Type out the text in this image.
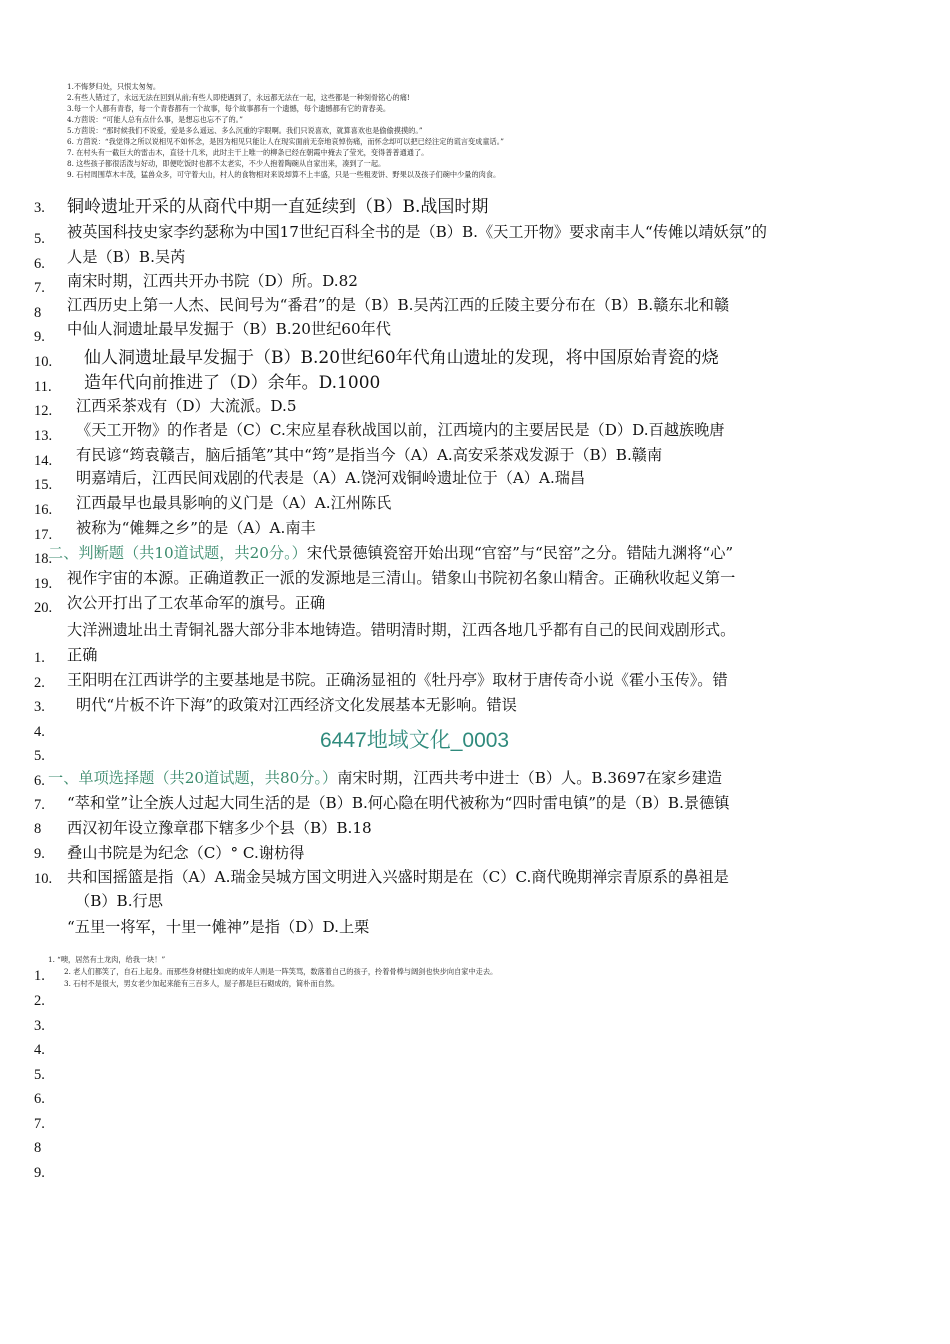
1.不悔梦归处，只恨太匆匆。
2.有些人错过了，永远无法在回到从前;有些人即使遇到了，永远都无法在一起，这些都是一种刻骨铭心的痛!
3.每一个人都有青春，每一个青春都有一个故事，每个故事都有一个遗憾，每个遗憾都有它的青春美。
4.方茴说：“可能人总有点什么事，是想忘也忘不了的。”
5.方茴说：“那时候我们不说爱，爱是多么遥远、多么沉重的字眼啊。我们只说喜欢，就算喜欢也是偷偷摸摸的。”
6. 方茴说：“我觉得之所以说相见不如怀念，是因为相见只能让人在现实面前无奈地哀悼伤痛，而怀念却可以把已经注定的谎言变成童话。”
7. 在村头有一截巨大的雷击木，直径十几米，此时主干上唯一的柳条已经在朝霞中掩去了莹光，变得普普通通了。
8. 这些孩子都很活泼与好动，即便吃饭时也都不太老实，不少人抱着陶碗从自家出来，凑到了一起。
9. 石村周围草木丰茂，猛兽众多，可守着大山，村人的食物相对来说却算不上丰盛，只是一些粗麦饼、野果以及孩子们碗中少量的肉食。
3.
5.
6.
7.
8
9.
10.
11.
12.
13.
14.
15.
16.
17.
18.
19.
20.
铜岭遗址开采的从商代中期一直延续到（B）B.战国时期
被英国科技史家李约瑟称为中国17世纪百科全书的是（B）B.《天工开物》要求南丰人“传傩以靖妖氛”的
人是（B）B.吴芮
南宋时期，江西共开办书院（D）所。D.82
江西历史上第一人杰、民间号为“番君”的是（B）B.吴芮江西的丘陵主要分布在（B）B.赣东北和赣
中仙人洞遗址最早发掘于（B）B.20世纪60年代
仙人洞遗址最早发掘于（B）B.20世纪60年代角山遗址的发现，将中国原始青瓷的烧
造年代向前推进了（D）余年。D.1000
江西采茶戏有（D）大流派。D.5
《天工开物》的作者是（C）C.宋应星春秋战国以前，江西境内的主要居民是（D）D.百越族晚唐
有民谚“筠袁赣吉，脑后插笔”其中“筠”是指当今（A）A.高安采茶戏发源于（B）B.赣南
明嘉靖后，江西民间戏剧的代表是（A）A.饶河戏铜岭遗址位于（A）A.瑞昌
江西最早也最具影响的义门是（A）A.江州陈氏
被称为“傩舞之乡”的是（A）A.南丰
二、判断题（共10道试题，共20分。）宋代景德镇瓷窑开始出现“官窑”与“民窑”之分。错陆九渊将“心”
视作宇宙的本源。正确道教正一派的发源地是三清山。错象山书院初名象山精舍。正确秋收起义第一
次公开打出了工农革命军的旗号。正确
大洋洲遗址出土青铜礼器大部分非本地铸造。错明清时期，江西各地几乎都有自己的民间戏剧形式。
正确
王阳明在江西讲学的主要基地是书院。正确汤显祖的《牡丹亭》取材于唐传奇小说《霍小玉传》。错
明代“片板不许下海”的政策对江西经济文化发展基本无影响。错误
1.
2.
3.
4.
5.
6.
7.
8
9.
10.
6447地域文化_0003
一、单项选择题（共20道试题，共80分。）南宋时期，江西共考中进士（B）人。B.3697在家乡建造
“萃和堂”让全族人过起大同生活的是（B）B.何心隐在明代被称为“四时雷电镇”的是（B）B.景德镇
西汉初年设立豫章郡下辖多少个县（B）B.18
叠山书院是为纪念（C）° C.谢枋得
共和国摇篮是指（A）A.瑞金吴城方国文明进入兴盛时期是在（C）C.商代晚期禅宗青原系的鼻祖是
（B）B.行思
“五里一将军，十里一傩神”是指（D）D.上栗
1. “噢，居然有土龙肉，给我一块！”
2. 老人们都笑了，自石上起身。而那些身材健壮如虎的成年人则是一阵笑骂，数落着自己的孩子，拎着骨棒与阔剑也快步向自家中走去。
3. 石村不是很大，男女老少加起来能有三百多人，屋子都是巨石砌成的，简朴而自然。
1.
2.
3.
4.
5.
6.
7.
8
9.
